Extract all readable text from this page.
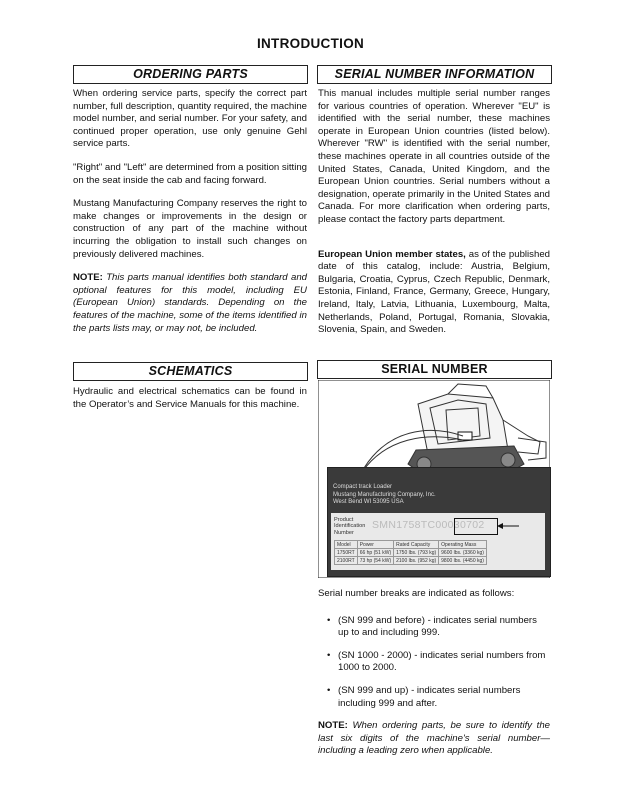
INTRODUCTION
ORDERING PARTS

When ordering service parts, specify the correct part number, full description, quantity required, the machine model number, and serial number. For your safety, and continued proper operation, use only genuine Gehl service parts.

"Right" and "Left" are determined from a position sitting on the seat inside the cab and facing forward.

Mustang Manufacturing Company reserves the right to make changes or improvements in the design or construction of any part of the machine without incurring the obligation to install such changes on previously delivered machines.

NOTE: This parts manual identifies both standard and optional features for this model, including EU (European Union) standards. Depending on the features of the machine, some of the items identified in the parts lists may, or may not, be included.

SCHEMATICS

Hydraulic and electrical schematics can be found in the Operator’s and Service Manuals for this machine.

SERIAL NUMBER INFORMATION

This manual includes multiple serial number ranges for various countries of operation. Wherever "EU" is identified with the serial number, these machines operate in European Union countries (listed below). Wherever "RW" is identified with the serial number, these machines operate in all countries outside of the United States, Canada, United Kingdom, and the European Union countries. Serial numbers without a designation, operate primarily in the United States and Canada. For more clarification when ordering parts, please contact the factory parts department.

European Union member states, as of the published date of this catalog, include: Austria, Belgium, Bulgaria, Croatia, Cyprus, Czech Republic, Denmark, Estonia, Finland, France, Germany, Greece, Hungary, Ireland, Italy, Latvia, Lithuania, Luxembourg, Malta, Netherlands, Poland, Portugal, Romania, Slovakia, Slovenia, Spain, and Sweden.

SERIAL NUMBER
Compact track Loader
Mustang Manufacturing Company, Inc.
West Bend WI 53095 USA
Product
Identification
Number
SMN1758TC00030702
Model	Power	Rated Capacity	Operating Mass
1750RT	66 hp (51 kW)	1750 lbs. (793 kg)	9600 lbs. (3360 kg)
2100RT	73 hp (54 kW)	2100 lbs. (952 kg)	9800 lbs. (4450 kg)

Serial number breaks are indicated as follows:

• (SN 999 and before) - indicates serial numbers up to and including 999.
• (SN 1000 - 2000) - indicates serial numbers from 1000 to 2000.
• (SN 999 and up) - indicates serial numbers including 999 and after.

NOTE: When ordering parts, be sure to identify the last six digits of the machine's serial number—including a leading zero when applicable.
